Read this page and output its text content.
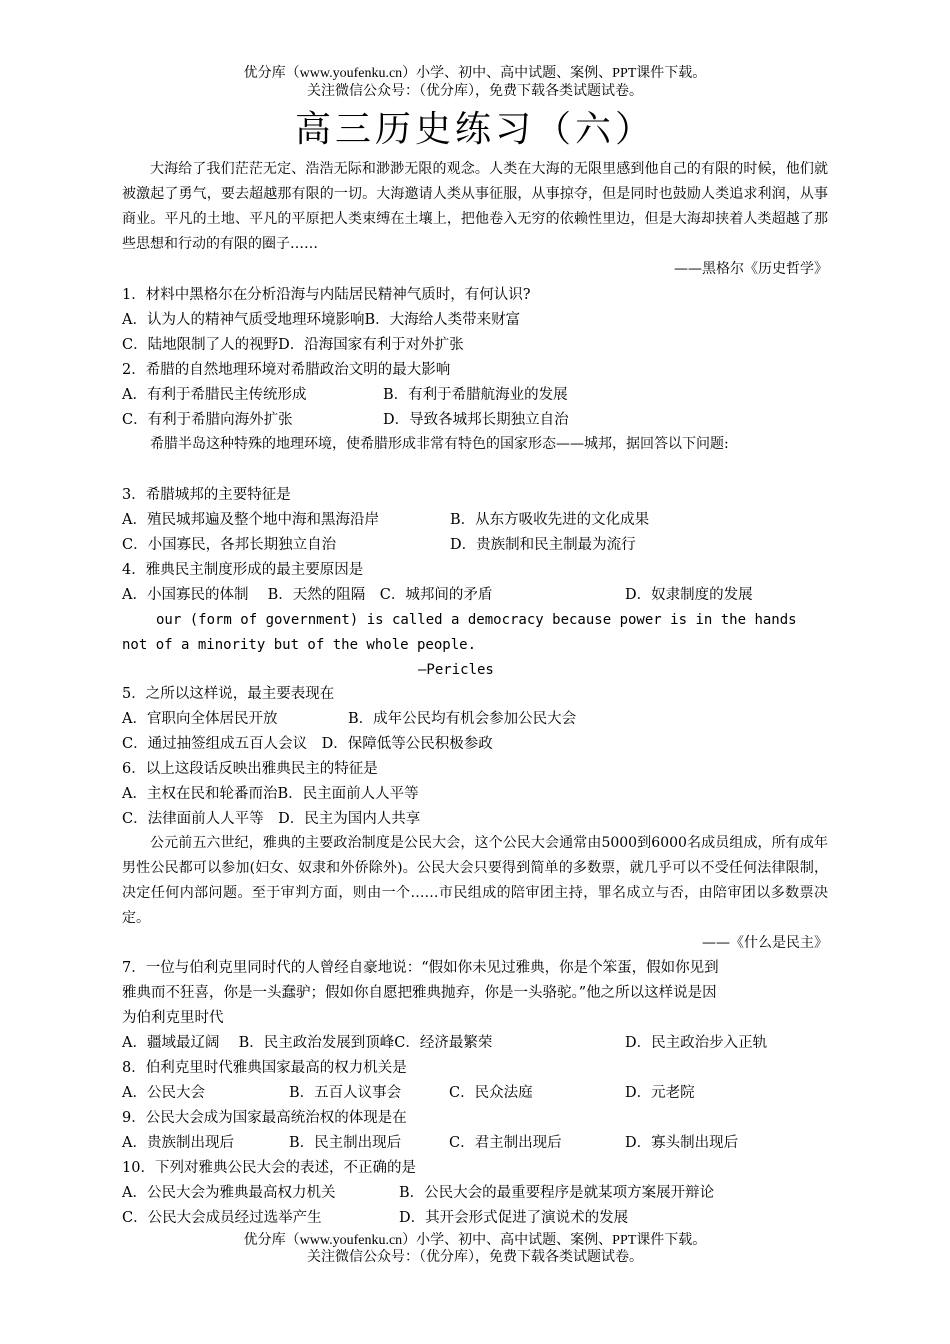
优分库（www.youfenku.cn）小学、初中、高中试题、案例、PPT课件下载。
关注微信公众号：（优分库），免费下载各类试题试卷。
高三历史练习（六）
大海给了我们茫茫无定、浩浩无际和渺渺无限的观念。人类在大海的无限里感到他自己的有限的时候，他们就被激起了勇气，要去超越那有限的一切。大海邀请人类从事征服，从事掠夺，但是同时也鼓励人类追求利润，从事商业。平凡的土地、平凡的平原把人类束缚在土壤上，把他卷入无穷的依赖性里边，但是大海却挟着人类超越了那些思想和行动的有限的圈子……
——黑格尔《历史哲学》
1．材料中黑格尔在分析沿海与内陆居民精神气质时，有何认识?
A．认为人的精神气质受地理环境影响B．大海给人类带来财富
C．陆地限制了人的视野D．沿海国家有利于对外扩张
2．希腊的自然地理环境对希腊政治文明的最大影响
A．有利于希腊民主传统形成	B．有利于希腊航海业的发展
C．有利于希腊向海外扩张	D．导致各城邦长期独立自治
希腊半岛这种特殊的地理环境，使希腊形成非常有特色的国家形态——城邦，据回答以下问题:
3．希腊城邦的主要特征是
A．殖民城邦遍及整个地中海和黑海沿岸	B．从东方吸收先进的文化成果
C．小国寡民，各邦长期独立自治	D．贵族制和民主制最为流行
4．雅典民主制度形成的最主要原因是
A．小国寡民的体制　 B．天然的阻隔　C．城邦间的矛盾	D．奴隶制度的发展
our (form of government) is called a democracy because power is in the hands
not of a minority but of the whole people.
—Pericles
5．之所以这样说，最主要表现在
A．官职向全体居民开放	B．成年公民均有机会参加公民大会
C．通过抽签组成五百人会议　D．保障低等公民积极参政
6．以上这段话反映出雅典民主的特征是
A．主权在民和轮番而治B．民主面前人人平等
C．法律面前人人平等　D．民主为国内人共享
公元前五六世纪，雅典的主要政治制度是公民大会，这个公民大会通常由5000到6000名成员组成，所有成年男性公民都可以参加(妇女、奴隶和外侨除外)。公民大会只要得到简单的多数票，就几乎可以不受任何法律限制，决定任何内部问题。至于审判方面，则由一个……市民组成的陪审团主持，罪名成立与否，由陪审团以多数票决定。
——《什么是民主》
7．一位与伯利克里同时代的人曾经自豪地说：“假如你未见过雅典，你是个笨蛋，假如你见到
雅典而不狂喜，你是一头蠢驴；假如你自愿把雅典抛弃，你是一头骆驼。”他之所以这样说是因
为伯利克里时代
A．疆域最辽阔　 B．民主政治发展到顶峰C．经济最繁荣	D．民主政治步入正轨
8．伯利克里时代雅典国家最高的权力机关是
A．公民大会	B．五百人议事会	C．民众法庭	D．元老院
9．公民大会成为国家最高统治权的体现是在
A．贵族制出现后	B．民主制出现后	C．君主制出现后	D．寡头制出现后
10．下列对雅典公民大会的表述，不正确的是
A．公民大会为雅典最高权力机关	B．公民大会的最重要程序是就某项方案展开辩论
C．公民大会成员经过选举产生	D．其开会形式促进了演说术的发展
优分库（www.youfenku.cn）小学、初中、高中试题、案例、PPT课件下载。
关注微信公众号：（优分库），免费下载各类试题试卷。
